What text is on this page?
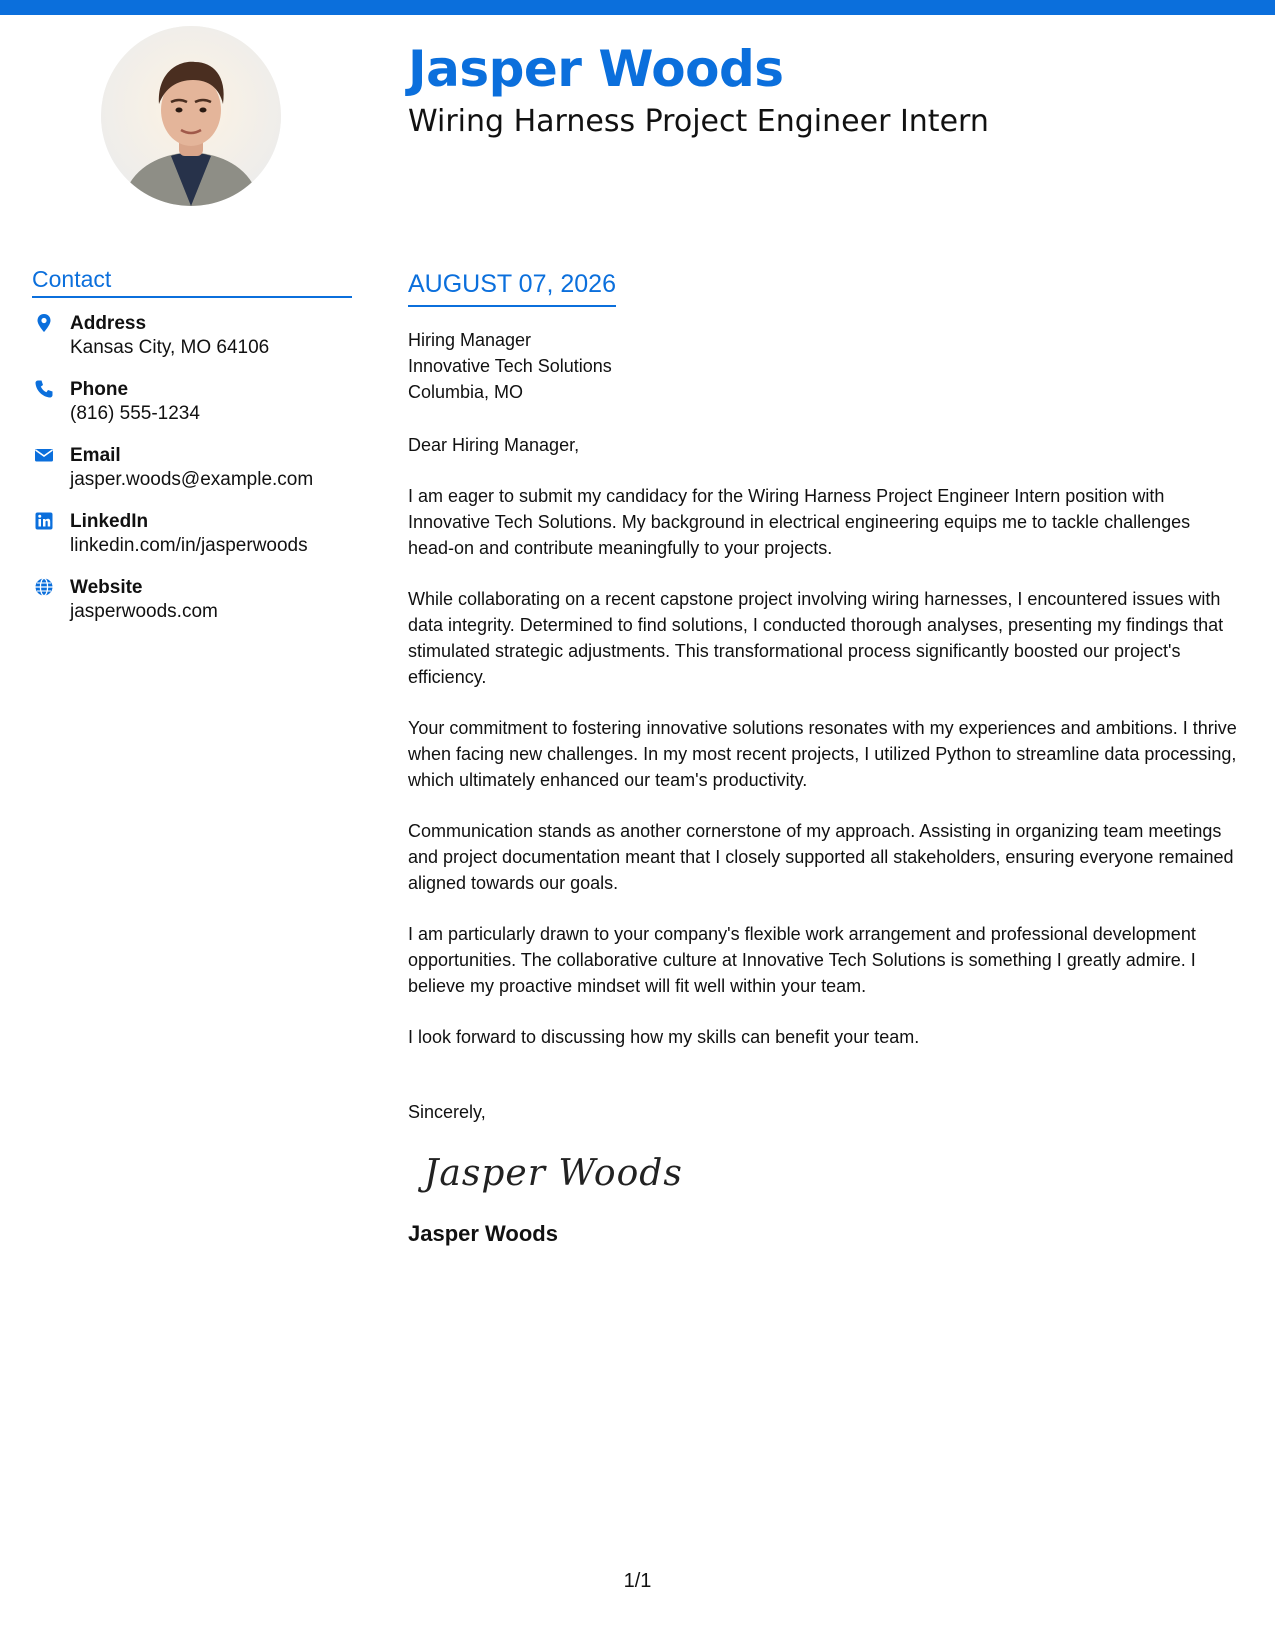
Jasper Woods
Wiring Harness Project Engineer Intern
Contact
Address
Kansas City, MO 64106
Phone
(816) 555-1234
Email
jasper.woods@example.com
LinkedIn
linkedin.com/in/jasperwoods
Website
jasperwoods.com
AUGUST 07, 2026
Hiring Manager
Innovative Tech Solutions
Columbia, MO
Dear Hiring Manager,
I am eager to submit my candidacy for the Wiring Harness Project Engineer Intern position with Innovative Tech Solutions. My background in electrical engineering equips me to tackle challenges head-on and contribute meaningfully to your projects.
While collaborating on a recent capstone project involving wiring harnesses, I encountered issues with data integrity. Determined to find solutions, I conducted thorough analyses, presenting my findings that stimulated strategic adjustments. This transformational process significantly boosted our project's efficiency.
Your commitment to fostering innovative solutions resonates with my experiences and ambitions. I thrive when facing new challenges. In my most recent projects, I utilized Python to streamline data processing, which ultimately enhanced our team's productivity.
Communication stands as another cornerstone of my approach. Assisting in organizing team meetings and project documentation meant that I closely supported all stakeholders, ensuring everyone remained aligned towards our goals.
I am particularly drawn to your company's flexible work arrangement and professional development opportunities. The collaborative culture at Innovative Tech Solutions is something I greatly admire. I believe my proactive mindset will fit well within your team.
I look forward to discussing how my skills can benefit your team.
Sincerely,
Jasper Woods
Jasper Woods
1/1
